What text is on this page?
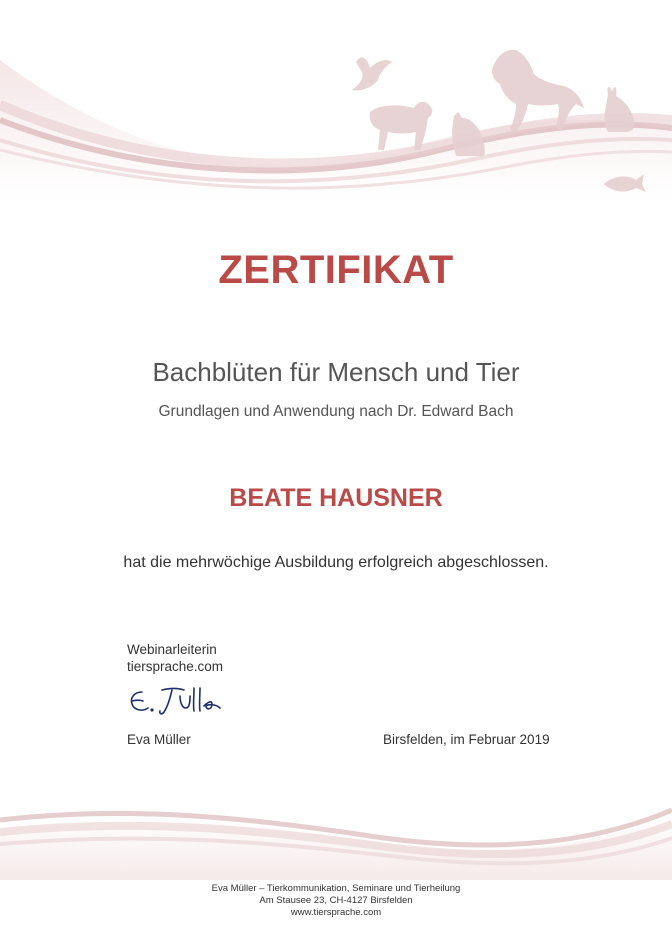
ZERTIFIKAT
Bachblüten für Mensch und Tier
Grundlagen und Anwendung nach Dr. Edward Bach
BEATE HAUSNER
hat die mehrwöchige Ausbildung erfolgreich abgeschlossen.
Webinarleiterin
tiersprache.com
Eva Müller	Birsfelden, im Februar 2019
Eva Müller – Tierkommunikation, Seminare und Tierheilung
Am Stausee 23, CH-4127 Birsfelden
www.tiersprache.com
